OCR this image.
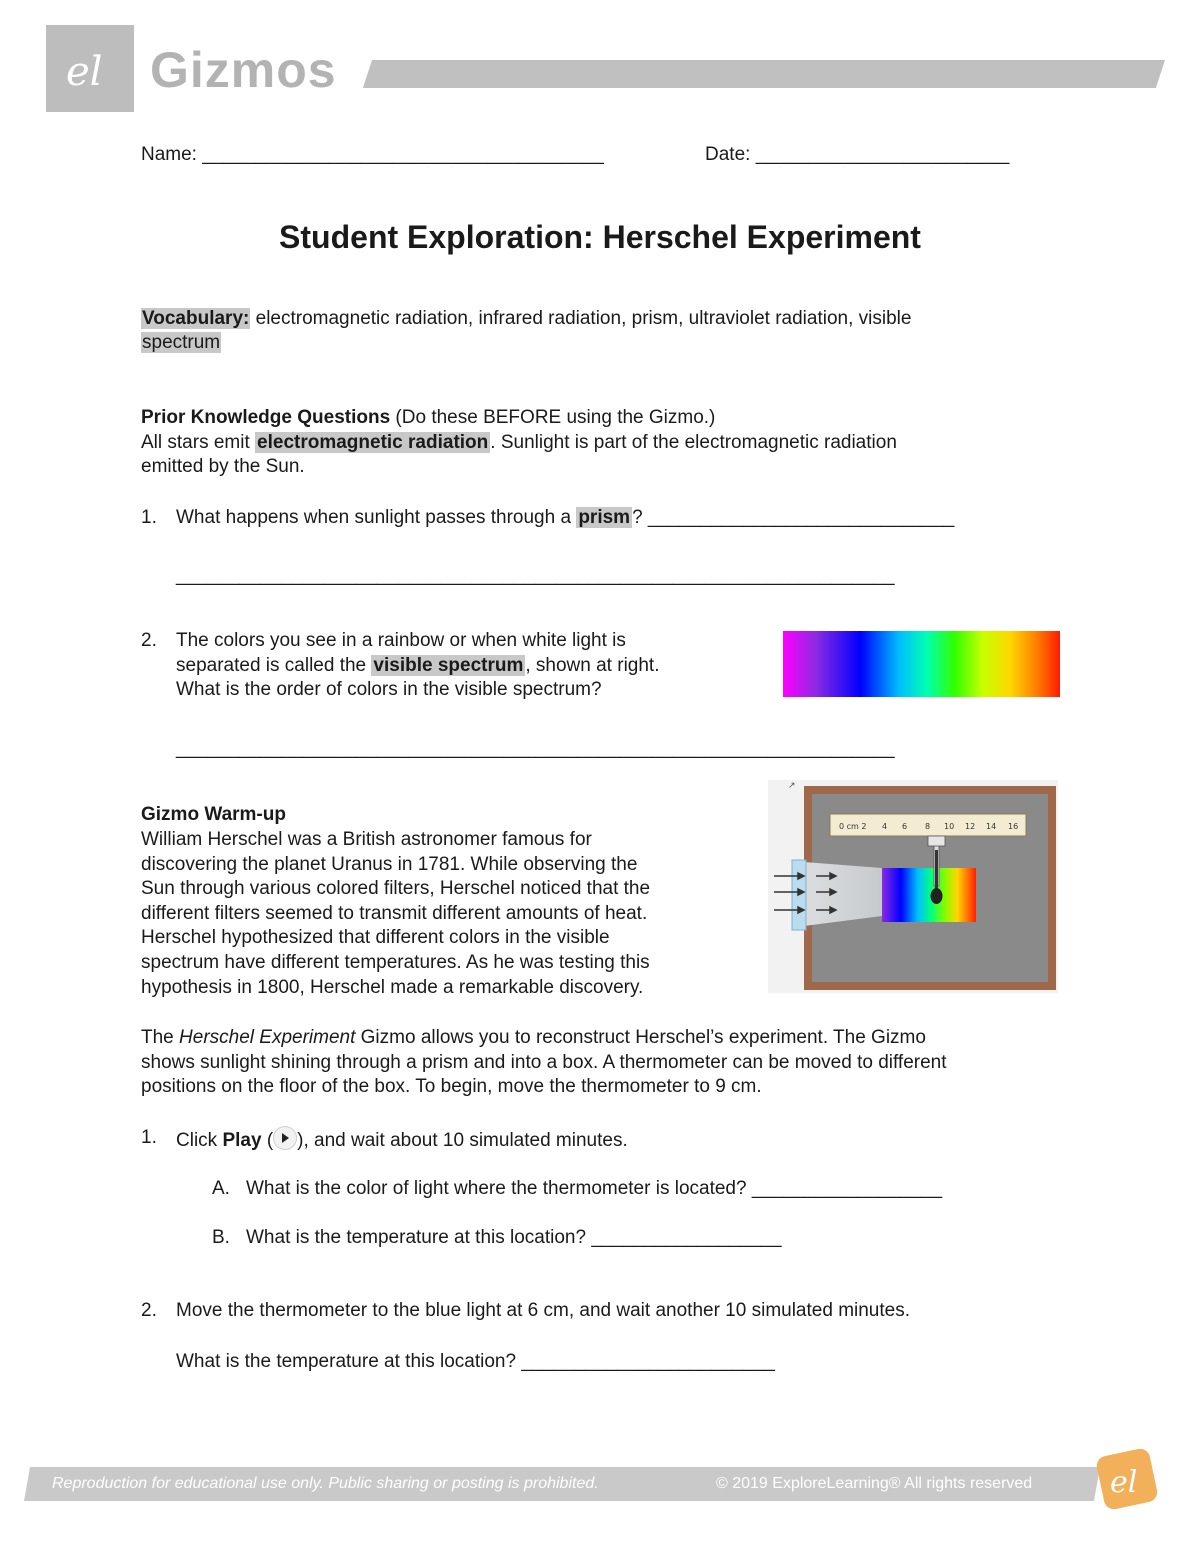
el Gizmos
Name: ______________________________________	Date: ________________________
Student Exploration: Herschel Experiment
Vocabulary: electromagnetic radiation, infrared radiation, prism, ultraviolet radiation, visible
spectrum
Prior Knowledge Questions (Do these BEFORE using the Gizmo.)
All stars emit electromagnetic radiation . Sunlight is part of the electromagnetic radiation
emitted by the Sun.
1. What happens when sunlight passes through a prism ? _____________________________
____________________________________________________________________
2. The colors you see in a rainbow or when white light is
separated is called the visible spectrum , shown at right.
What is the order of colors in the visible spectrum?
____________________________________________________________________
Gizmo Warm-up
William Herschel was a British astronomer famous for
discovering the planet Uranus in 1781. While observing the
Sun through various colored filters, Herschel noticed that the
different filters seemed to transmit different amounts of heat.
Herschel hypothesized that different colors in the visible
spectrum have different temperatures. As he was testing this
hypothesis in 1800, Herschel made a remarkable discovery.
0 cm 2 4 6 8 10 12 14 16
↗
The Herschel Experiment Gizmo allows you to reconstruct Herschel’s experiment. The Gizmo
shows sunlight shining through a prism and into a box. A thermometer can be moved to different
positions on the floor of the box. To begin, move the thermometer to 9 cm.
1. Click Play ( ), and wait about 10 simulated minutes.
A. What is the color of light where the thermometer is located? __________________
B. What is the temperature at this location? __________________
2. Move the thermometer to the blue light at 6 cm, and wait another 10 simulated minutes.
What is the temperature at this location? ________________________
Reproduction for educational use only. Public sharing or posting is prohibited.	© 2019 ExploreLearning® All rights reserved	el
